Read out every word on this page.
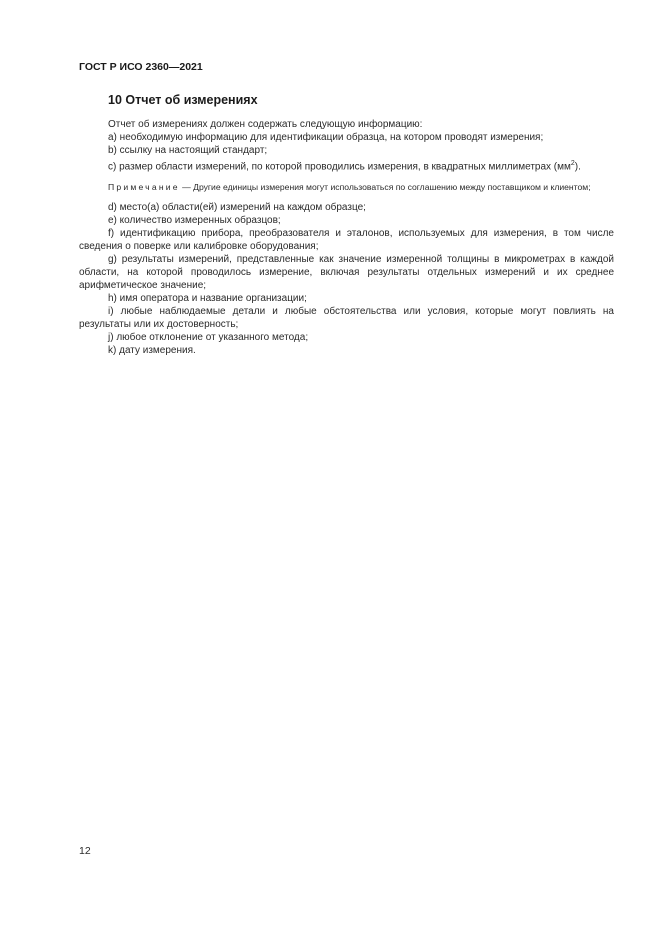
ГОСТ Р ИСО 2360—2021
10 Отчет об измерениях

Отчет об измерениях должен содержать следующую информацию:

a) необходимую информацию для идентификации образца, на котором проводят измерения;

b) ссылку на настоящий стандарт;

c) размер области измерений, по которой проводились измерения, в квадратных миллиметрах $(мм^2)$.

Примечание — Другие единицы измерения могут использоваться по соглашению между поставщиком и клиентом;

d) место(а) области(ей) измерений на каждом образце;

e) количество измеренных образцов;

f) идентификацию прибора, преобразователя и эталонов, используемых для измерения, в том числе сведения о поверке или калибровке оборудования;

g) результаты измерений, представленные как значение измеренной толщины в микрометрах в каждой области, на которой проводилось измерение, включая результаты отдельных измерений и их среднее арифметическое значение;

h) имя оператора и название организации;

i) любые наблюдаемые детали и любые обстоятельства или условия, которые могут повлиять на результаты или их достоверность;

j) любое отклонение от указанного метода;

k) дату измерения.

12
